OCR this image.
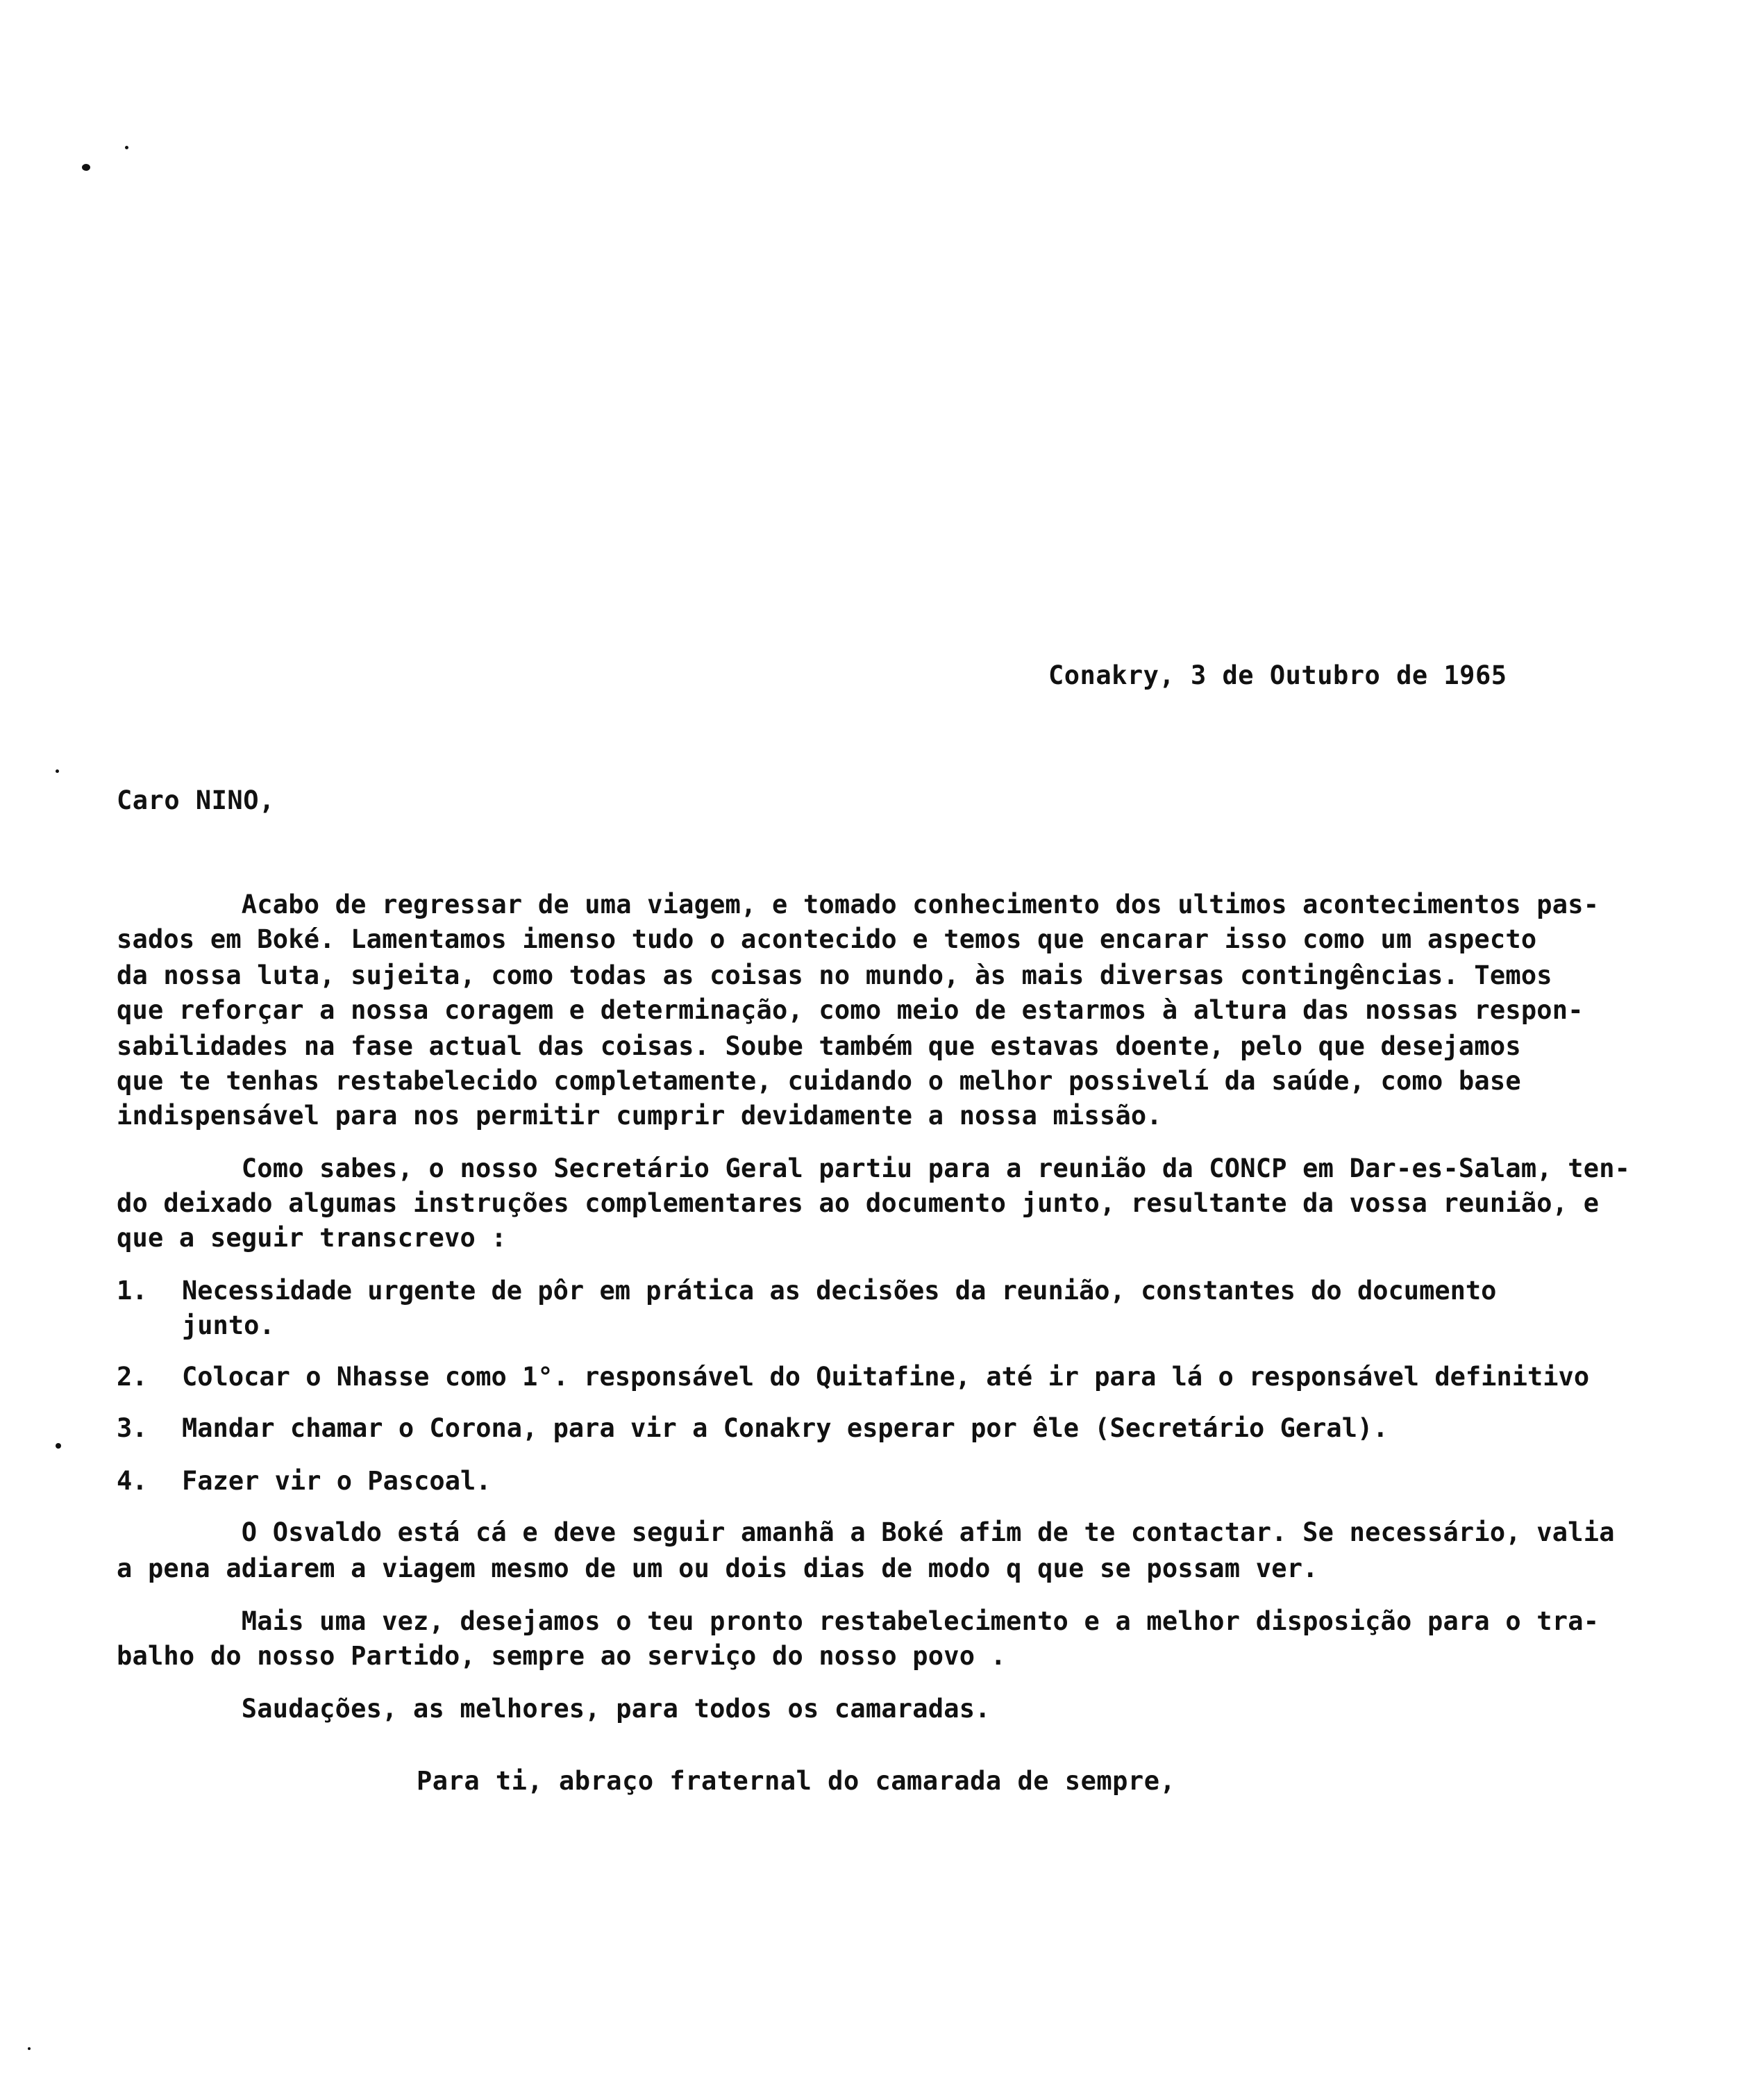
Conakry, 3 de Outubro de 1965
Caro NINO,
Acabo de regressar de uma viagem, e tomado conhecimento dos ultimos acontecimentos pas-
sados em Boké. Lamentamos imenso tudo o acontecido e temos que encarar isso como um aspecto
da nossa luta, sujeita, como todas as coisas no mundo, às mais diversas contingências. Temos
que reforçar a nossa coragem e determinação, como meio de estarmos à altura das nossas respon-
sabilidades na fase actual das coisas. Soube também que estavas doente, pelo que desejamos
que te tenhas restabelecido completamente, cuidando o melhor possivelí da saúde, como base
indispensável para nos permitir cumprir devidamente a nossa missão.
Como sabes, o nosso Secretário Geral partiu para a reunião da CONCP em Dar-es-Salam, ten-
do deixado algumas instruções complementares ao documento junto, resultante da vossa reunião, e
que a seguir transcrevo :
1. Necessidade urgente de pôr em prática as decisões da reunião, constantes do documento
junto.
2. Colocar o Nhasse como 1°. responsável do Quitafine, até ir para lá o responsável definitivo
3. Mandar chamar o Corona, para vir a Conakry esperar por êle (Secretário Geral).
4. Fazer vir o Pascoal.
O Osvaldo está cá e deve seguir amanhã a Boké afim de te contactar. Se necessário, valia
a pena adiarem a viagem mesmo de um ou dois dias de modo q que se possam ver.
Mais uma vez, desejamos o teu pronto restabelecimento e a melhor disposição para o tra-
balho do nosso Partido, sempre ao serviço do nosso povo .
Saudações, as melhores, para todos os camaradas.
Para ti, abraço fraternal do camarada de sempre,
